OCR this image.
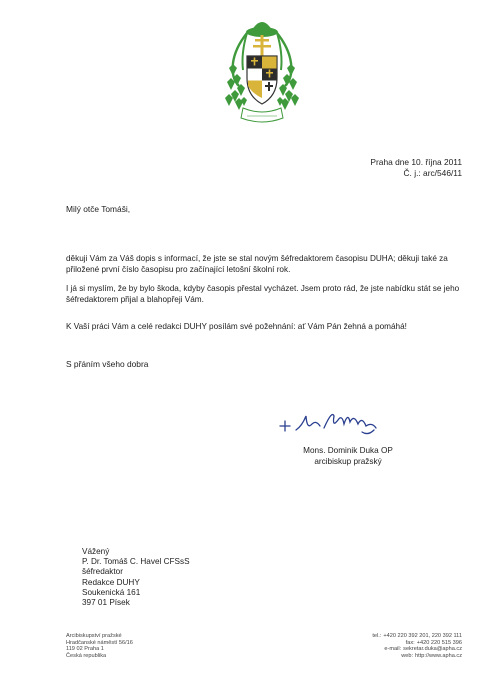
Praha dne 10. října 2011
Č. j.: arc/546/11
Milý otče Tomáši,

děkuji Vám za Váš dopis s informací, že jste se stal novým šéfredaktorem časopisu DUHA; děkuji také za přiložené první číslo časopisu pro začínající letošní školní rok.

I já si myslím, že by bylo škoda, kdyby časopis přestal vycházet. Jsem proto rád, že jste nabídku stát se jeho šéfredaktorem přijal a blahopřeji Vám.

K Vaší práci Vám a celé redakci DUHY posílám své požehnání: ať Vám Pán žehná a pomáhá!

S přáním všeho dobra
Mons. Dominik Duka OP
arcibiskup pražský
Vážený
P. Dr. Tomáš C. Havel CFSsS
šéfredaktor
Redakce DUHY
Soukenická 161
397 01 Písek
Arcibiskupství pražské
Hradčanské náměstí 56/16
119 02 Praha 1
Česká republika
tel.: +420 220 392 201, 220 392 111
fax: +420 220 515 396
e-mail: sekretar.duka@apha.cz
web: http://www.apha.cz
